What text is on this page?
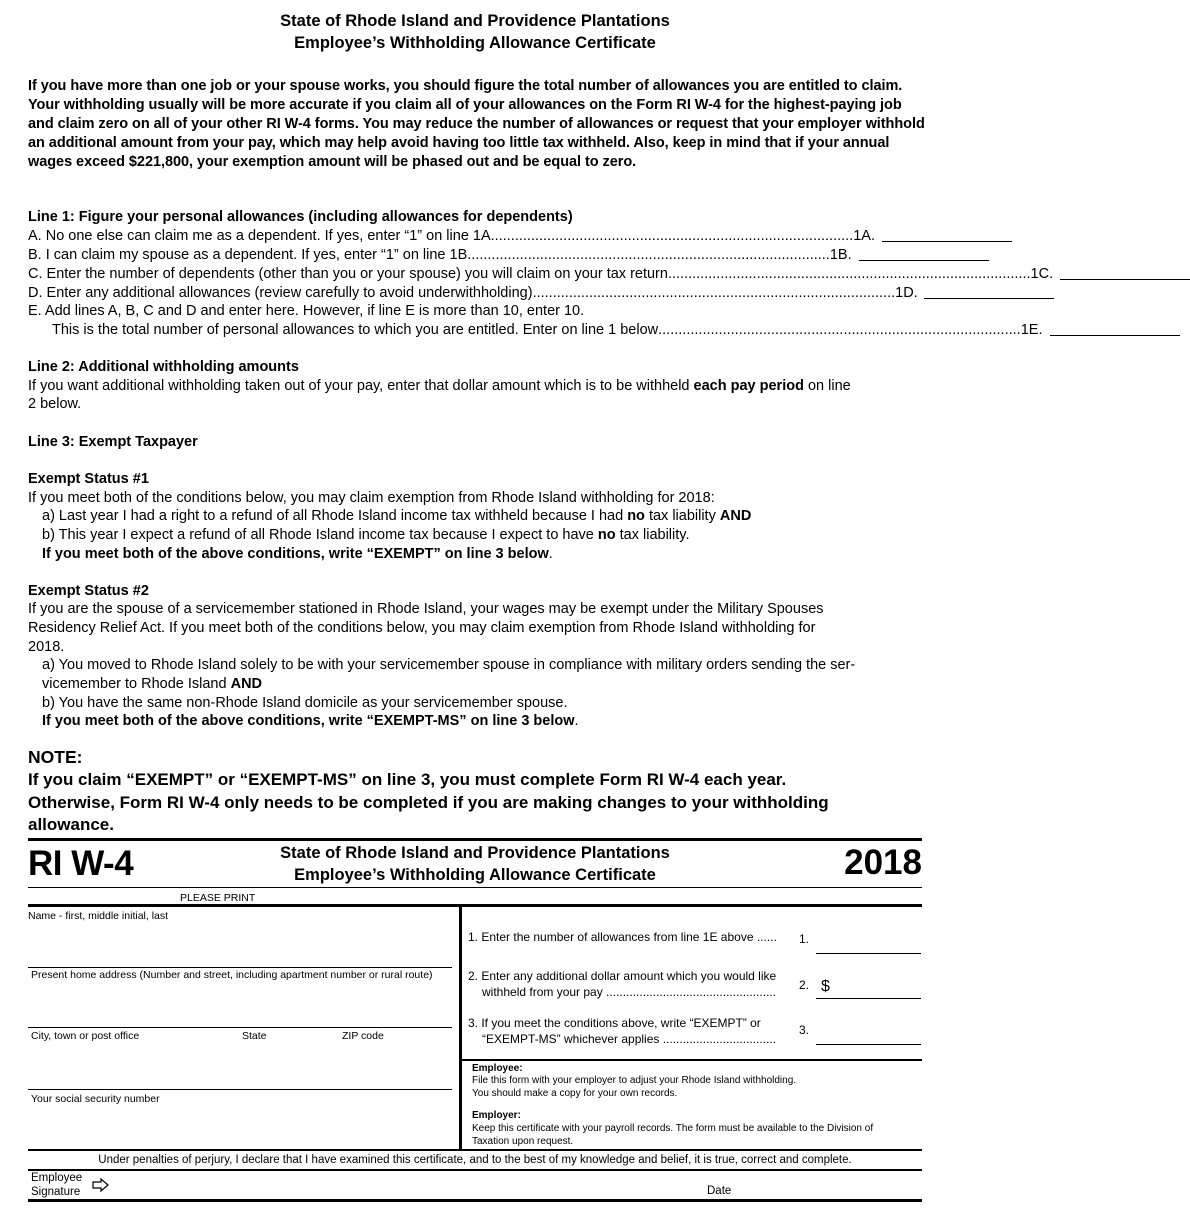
State of Rhode Island and Providence Plantations
Employee’s Withholding Allowance Certificate
If you have more than one job or your spouse works, you should figure the total number of allowances you are entitled to claim. Your withholding usually will be more accurate if you claim all of your allowances on the Form RI W-4 for the highest-paying job and claim zero on all of your other RI W-4 forms. You may reduce the number of allowances or request that your employer withhold an additional amount from your pay, which may help avoid having too little tax withheld. Also, keep in mind that if your annual wages exceed $221,800, your exemption amount will be phased out and be equal to zero.
Line 1: Figure your personal allowances (including allowances for dependents)
A. No one else can claim me as a dependent. If yes, enter “1” on line 1A .......................................................................................... 1A.
B. I can claim my spouse as a dependent. If yes, enter “1” on line 1B .......................................................................................... 1B.
C. Enter the number of dependents (other than you or your spouse) you will claim on your tax return .......................................................................................... 1C.
D. Enter any additional allowances (review carefully to avoid underwithholding) .......................................................................................... 1D.
E. Add lines A, B, C and D and enter here. However, if line E is more than 10, enter 10.
This is the total number of personal allowances to which you are entitled. Enter on line 1 below .......................................................................................... 1E.
Line 2: Additional withholding amounts
If you want additional withholding taken out of your pay, enter that dollar amount which is to be withheld each pay period on line
2 below.
Line 3: Exempt Taxpayer
Exempt Status #1
If you meet both of the conditions below, you may claim exemption from Rhode Island withholding for 2018:
a) Last year I had a right to a refund of all Rhode Island income tax withheld because I had no tax liability AND
b) This year I expect a refund of all Rhode Island income tax because I expect to have no tax liability.
If you meet both of the above conditions, write “EXEMPT” on line 3 below.
Exempt Status #2
If you are the spouse of a servicemember stationed in Rhode Island, your wages may be exempt under the Military Spouses
Residency Relief Act. If you meet both of the conditions below, you may claim exemption from Rhode Island withholding for
2018.
a) You moved to Rhode Island solely to be with your servicemember spouse in compliance with military orders sending the ser-
vicemember to Rhode Island AND
b) You have the same non-Rhode Island domicile as your servicemember spouse.
If you meet both of the above conditions, write “EXEMPT-MS” on line 3 below.
NOTE:
If you claim “EXEMPT” or “EXEMPT-MS” on line 3, you must complete Form RI W-4 each year.
Otherwise, Form RI W-4 only needs to be completed if you are making changes to your withholding
allowance.
RI W-4	State of Rhode Island and Providence Plantations
Employee’s Withholding Allowance Certificate	2018
PLEASE PRINT
Name - first, middle initial, last
Present home address (Number and street, including apartment number or rural route)
City, town or post office	State	ZIP code
Your social security number
1. Enter the number of allowances from line 1E above ...... 1.
2. Enter any additional dollar amount which you would like
withheld from your pay ................................................... 2. $
3. If you meet the conditions above, write “EXEMPT” or
“EXEMPT-MS” whichever applies ..................................
3.
Employee:
File this form with your employer to adjust your Rhode Island withholding.
You should make a copy for your own records.
Employer:
Keep this certificate with your payroll records. The form must be available to the Division of
Taxation upon request.
Under penalties of perjury, I declare that I have examined this certificate, and to the best of my knowledge and belief, it is true, correct and complete.
Employee
Signature	Date
